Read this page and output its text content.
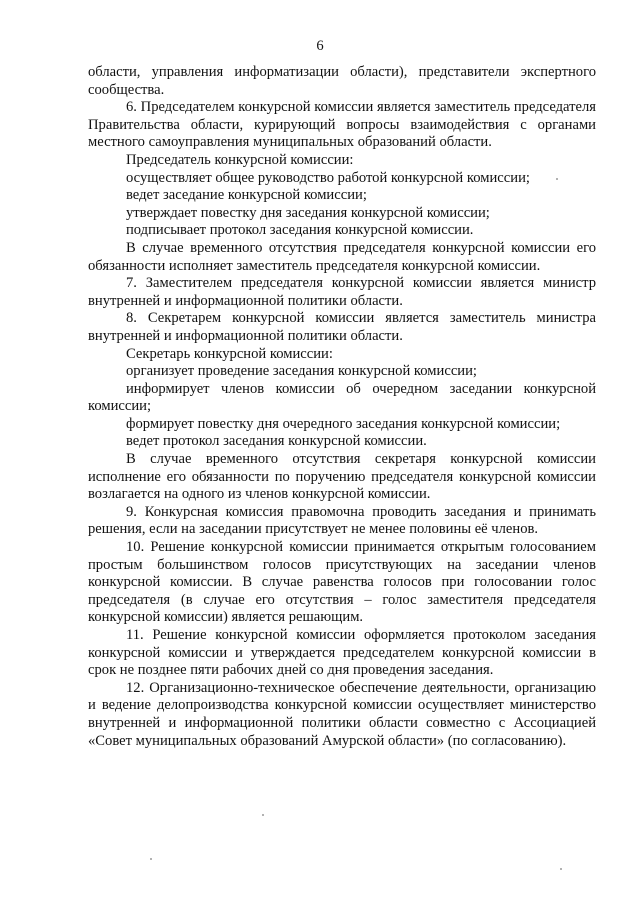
6

области, управления информатизации области), представители экспертного сообщества.

6. Председателем конкурсной комиссии является заместитель председателя Правительства области, курирующий вопросы взаимодействия с органами местного самоуправления муниципальных образований области.

Председатель конкурсной комиссии:

осуществляет общее руководство работой конкурсной комиссии;

ведет заседание конкурсной комиссии;

утверждает повестку дня заседания конкурсной комиссии;

подписывает протокол заседания конкурсной комиссии.

В случае временного отсутствия председателя конкурсной комиссии его обязанности исполняет заместитель председателя конкурсной комиссии.

7. Заместителем председателя конкурсной комиссии является министр внутренней и информационной политики области.

8. Секретарем конкурсной комиссии является заместитель министра внутренней и информационной политики области.

Секретарь конкурсной комиссии:

организует проведение заседания конкурсной комиссии;

информирует членов комиссии об очередном заседании конкурсной комиссии;

формирует повестку дня очередного заседания конкурсной комиссии;

ведет протокол заседания конкурсной комиссии.

В случае временного отсутствия секретаря конкурсной комиссии исполнение его обязанности по поручению председателя конкурсной комиссии возлагается на одного из членов конкурсной комиссии.

9. Конкурсная комиссия правомочна проводить заседания и принимать решения, если на заседании присутствует не менее половины её членов.

10. Решение конкурсной комиссии принимается открытым голосованием простым большинством голосов присутствующих на заседании членов конкурсной комиссии. В случае равенства голосов при голосовании голос председателя (в случае его отсутствия – голос заместителя председателя конкурсной комиссии) является решающим.

11. Решение конкурсной комиссии оформляется протоколом заседания конкурсной комиссии и утверждается председателем конкурсной комиссии в срок не позднее пяти рабочих дней со дня проведения заседания.

12. Организационно-техническое обеспечение деятельности, организацию и ведение делопроизводства конкурсной комиссии осуществляет министерство внутренней и информационной политики области совместно с Ассоциацией «Совет муниципальных образований Амурской области» (по согласованию).
